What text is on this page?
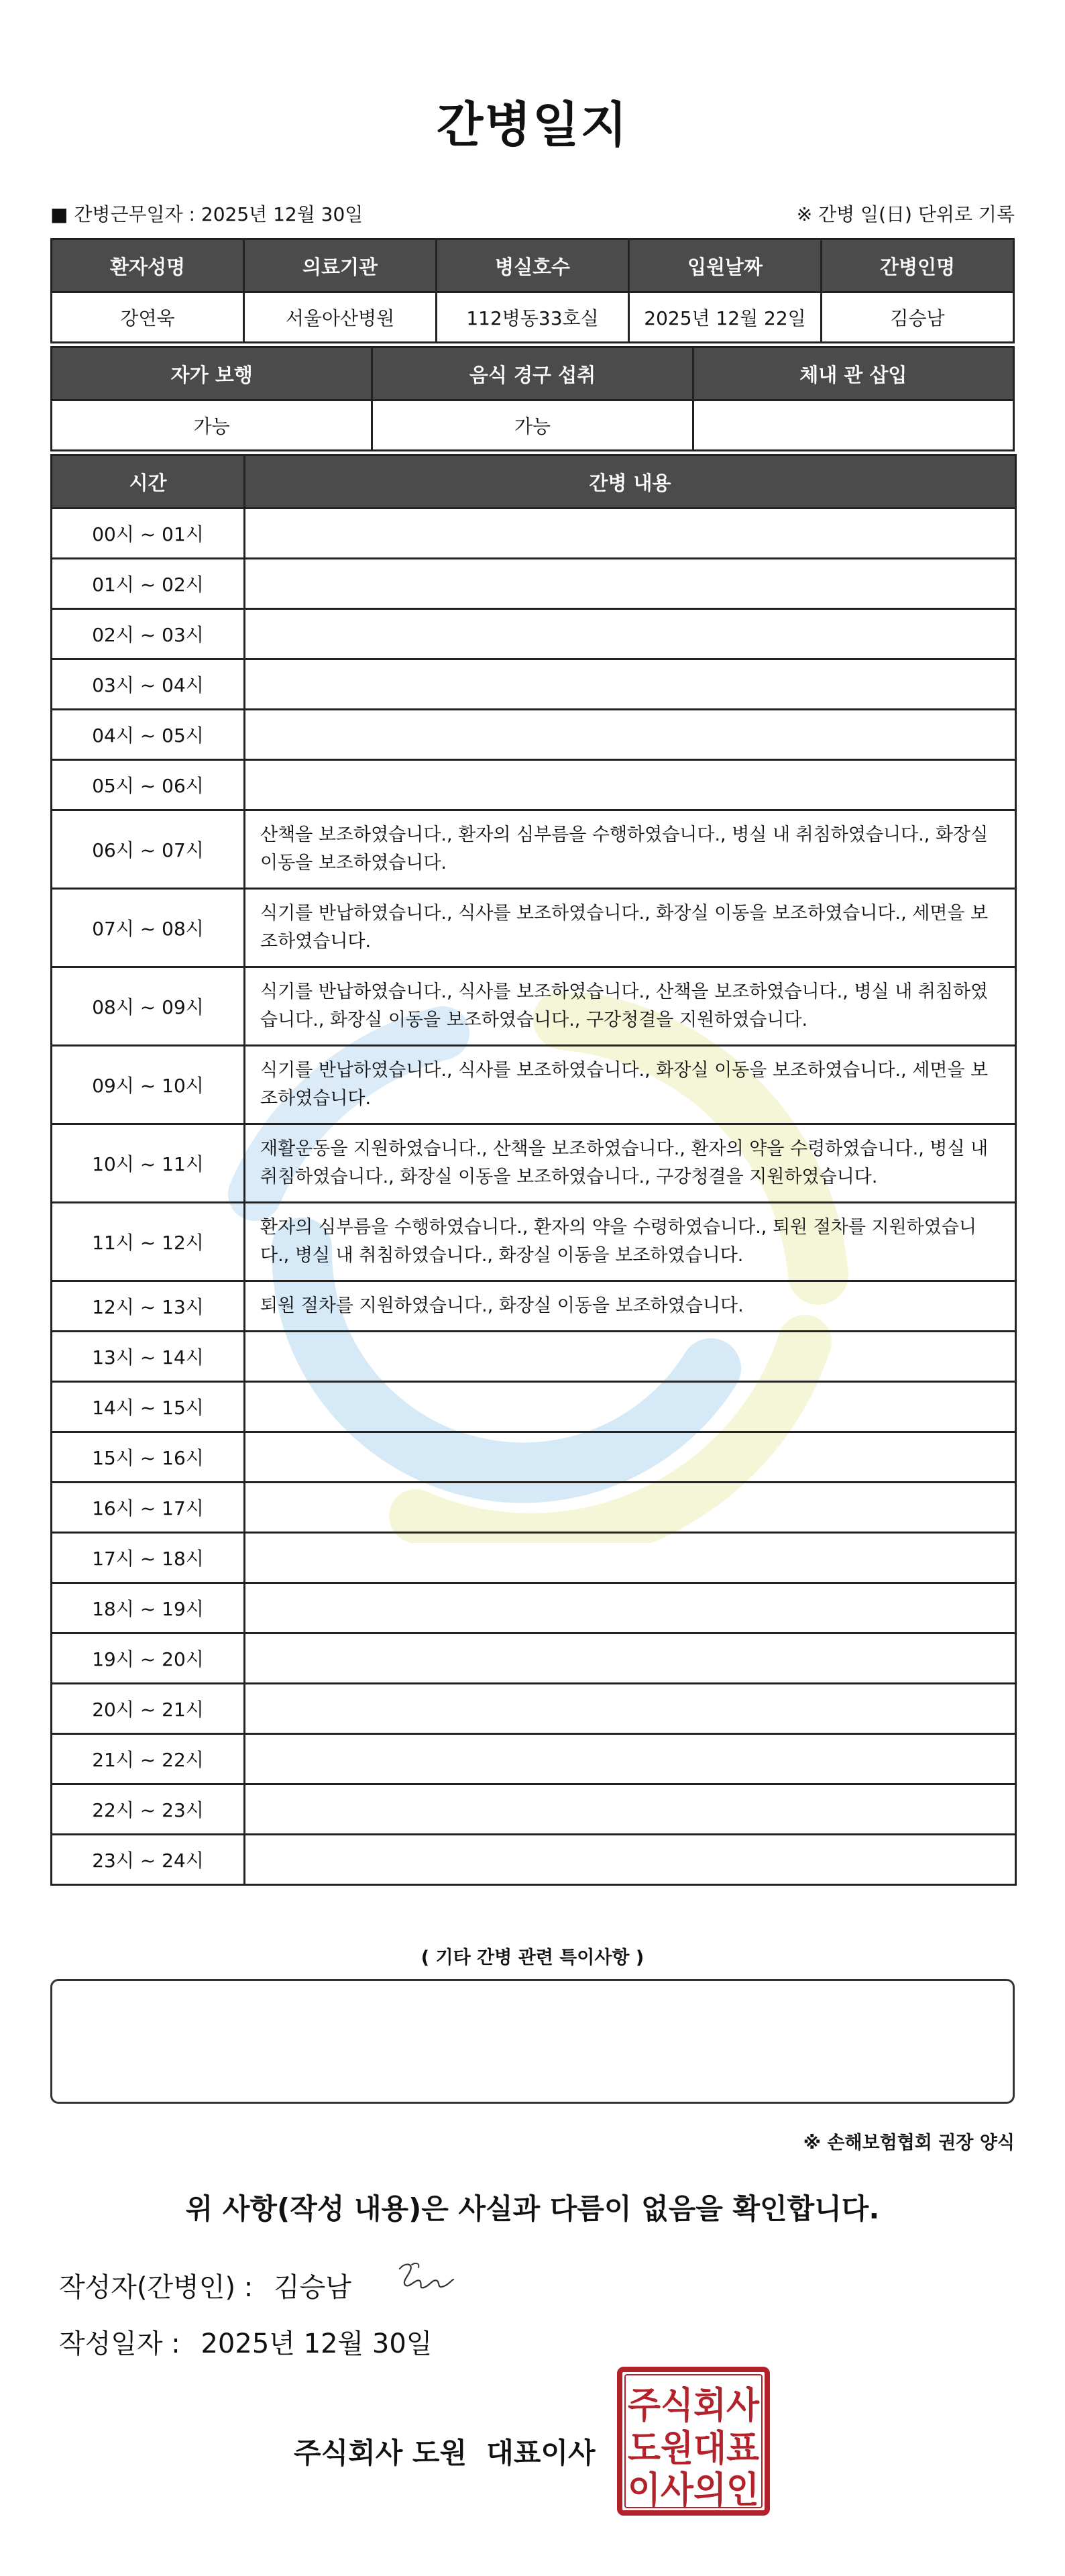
간병일지
■ 간병근무일자 : 2025년 12월 30일	※ 간병 일(日) 단위로 기록
환자성명	의료기관	병실호수	입원날짜	간병인명
강연욱	서울아산병원	112병동33호실	2025년 12월 22일	김승남
자가 보행	음식 경구 섭취	체내 관 삽입
가능	가능	
시간	간병 내용
00시 ~ 01시	
01시 ~ 02시	
02시 ~ 03시	
03시 ~ 04시	
04시 ~ 05시	
05시 ~ 06시	
06시 ~ 07시	산책을 보조하였습니다., 환자의 심부름을 수행하였습니다., 병실 내 취침하였습니다., 화장실 이동을 보조하였습니다.
07시 ~ 08시	식기를 반납하였습니다., 식사를 보조하였습니다., 화장실 이동을 보조하였습니다., 세면을 보조하였습니다.
08시 ~ 09시	식기를 반납하였습니다., 식사를 보조하였습니다., 산책을 보조하였습니다., 병실 내 취침하였습니다., 화장실 이동을 보조하였습니다., 구강청결을 지원하였습니다.
09시 ~ 10시	식기를 반납하였습니다., 식사를 보조하였습니다., 화장실 이동을 보조하였습니다., 세면을 보조하였습니다.
10시 ~ 11시	재활운동을 지원하였습니다., 산책을 보조하였습니다., 환자의 약을 수령하였습니다., 병실 내 취침하였습니다., 화장실 이동을 보조하였습니다., 구강청결을 지원하였습니다.
11시 ~ 12시	환자의 심부름을 수행하였습니다., 환자의 약을 수령하였습니다., 퇴원 절차를 지원하였습니다., 병실 내 취침하였습니다., 화장실 이동을 보조하였습니다.
12시 ~ 13시	퇴원 절차를 지원하였습니다., 화장실 이동을 보조하였습니다.
13시 ~ 14시	
14시 ~ 15시	
15시 ~ 16시	
16시 ~ 17시	
17시 ~ 18시	
18시 ~ 19시	
19시 ~ 20시	
20시 ~ 21시	
21시 ~ 22시	
22시 ~ 23시	
23시 ~ 24시	
( 기타 간병 관련 특이사항 )
※ 손해보험협회 권장 양식
위 사항(작성 내용)은 사실과 다름이 없음을 확인합니다.
작성자(간병인) : 김승남
작성일자 : 2025년 12월 30일
주식회사 도원  대표이사
주식회사
도원대표
이사의인
